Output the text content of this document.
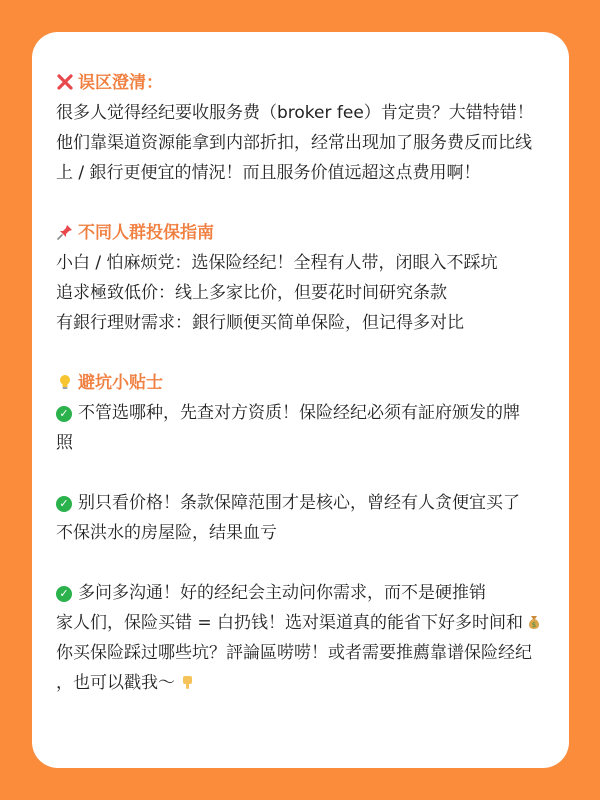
误区澄清：
很多人觉得经纪要收服务费（broker fee）肯定贵？大错特错！
他们靠渠道资源能拿到内部折扣，经常出现加了服务费反而比线
上 / 銀行更便宜的情況！而且服务价值远超这点费用啊！
不同人群投保指南
小白 / 怕麻烦党：选保险经纪！全程有人带，闭眼入不踩坑
追求極致低价：线上多家比价，但要花时间研究条款
有銀行理财需求：銀行顺便买简单保险，但记得多对比
避坑小贴士
✓ 不管选哪种，先查对方资质！保险经纪必须有証府颁发的牌
照
✓ 别只看价格！条款保障范围才是核心，曾经有人贪便宜买了
不保洪水的房屋险，结果血亏
✓ 多问多沟通！好的经纪会主动问你需求，而不是硬推销
家人们，保险买错 = 白扔钱！选对渠道真的能省下好多时间和 $
你买保险踩过哪些坑？評論區唠唠！或者需要推薦靠谱保险经纪
，也可以戳我～
